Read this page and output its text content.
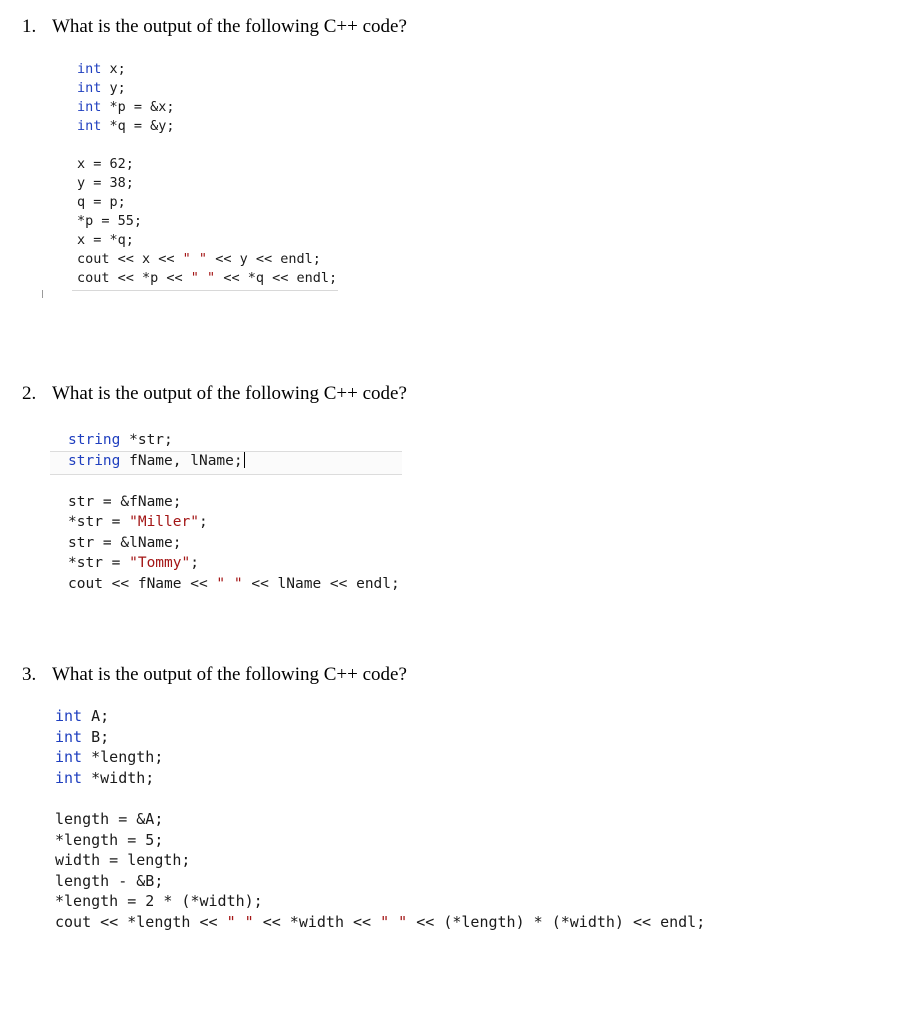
1. What is the output of the following C++ code?
int x;
int y;
int *p = &x;
int *q = &y;
x = 62;
y = 38;
q = p;
*p = 55;
x = *q;
cout << x << " " << y << endl;
cout << *p << " " << *q << endl;
2. What is the output of the following C++ code?
string *str;
string fName, lName;
str = &fName;
*str = "Miller";
str = &lName;
*str = "Tommy";
cout << fName << " " << lName << endl;
3. What is the output of the following C++ code?
int A;
int B;
int *length;
int *width;
length = &A;
*length = 5;
width = length;
length - &B;
*length = 2 * (*width);
cout << *length << " " << *width << " " << (*length) * (*width) << endl;
